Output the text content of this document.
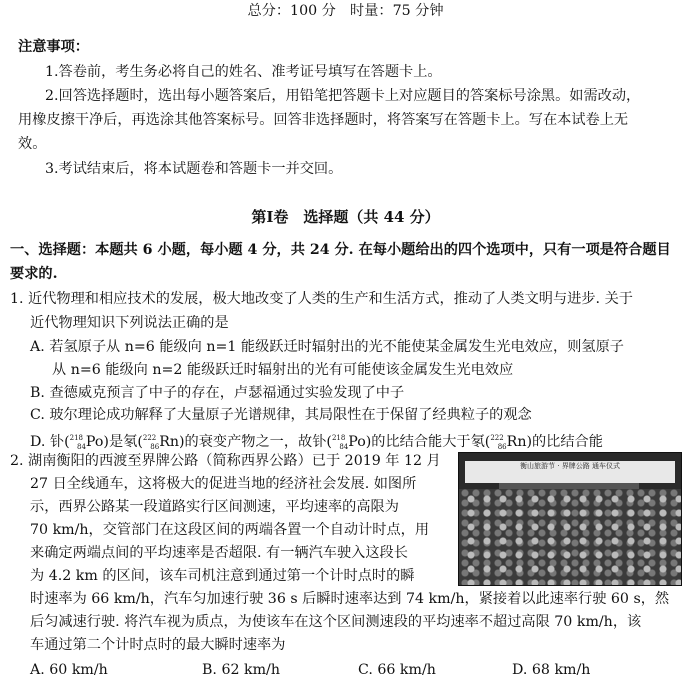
总分：100 分　时量：75 分钟
注意事项：
1.答卷前，考生务必将自己的姓名、准考证号填写在答题卡上。
2.回答选择题时，选出每小题答案后，用铅笔把答题卡上对应题目的答案标号涂黑。如需改动，
用橡皮擦干净后，再选涂其他答案标号。回答非选择题时，将答案写在答题卡上。写在本试卷上无
效。
3.考试结束后，将本试题卷和答题卡一并交回。
第Ⅰ卷　选择题（共 44 分）
一、选择题：本题共 6 小题，每小题 4 分，共 24 分. 在每小题给出的四个选项中，只有一项是符合题目
要求的.
1. 近代物理和相应技术的发展，极大地改变了人类的生产和生活方式，推动了人类文明与进步. 关于
近代物理知识下列说法正确的是
A. 若氢原子从 n=6 能级向 n=1 能级跃迁时辐射出的光不能使某金属发生光电效应，则氢原子
从 n=6 能级向 n=2 能级跃迁时辐射出的光有可能使该金属发生光电效应
B. 查德威克预言了中子的存在，卢瑟福通过实验发现了中子
C. 玻尔理论成功解释了大量原子光谱规律，其局限性在于保留了经典粒子的观念
D. 钋($^{218}_{84}$Po)是氡($^{222}_{86}$Rn)的衰变产物之一，故钋($^{218}_{84}$Po)的比结合能大于氡($^{222}_{86}$Rn)的比结合能
2. 湖南衡阳的西渡至界牌公路（简称西界公路）已于 2019 年 12 月
27 日全线通车，这将极大的促进当地的经济社会发展. 如图所
示，西界公路某一段道路实行区间测速，平均速率的高限为
70 km/h，交管部门在这段区间的两端各置一个自动计时点，用
来确定两端点间的平均速率是否超限. 有一辆汽车驶入这段长
为 4.2 km 的区间，该车司机注意到通过第一个计时点时的瞬
时速率为 66 km/h，汽车匀加速行驶 36 s 后瞬时速率达到 74 km/h，紧接着以此速率行驶 60 s，然
后匀减速行驶. 将汽车视为质点，为使该车在这个区间测速段的平均速率不超过高限 70 km/h，该
车通过第二个计时点时的最大瞬时速率为
A. 60 km/h	B. 62 km/h	C. 66 km/h	D. 68 km/h
衡山旅游节 · 界牌公路 通车仪式
